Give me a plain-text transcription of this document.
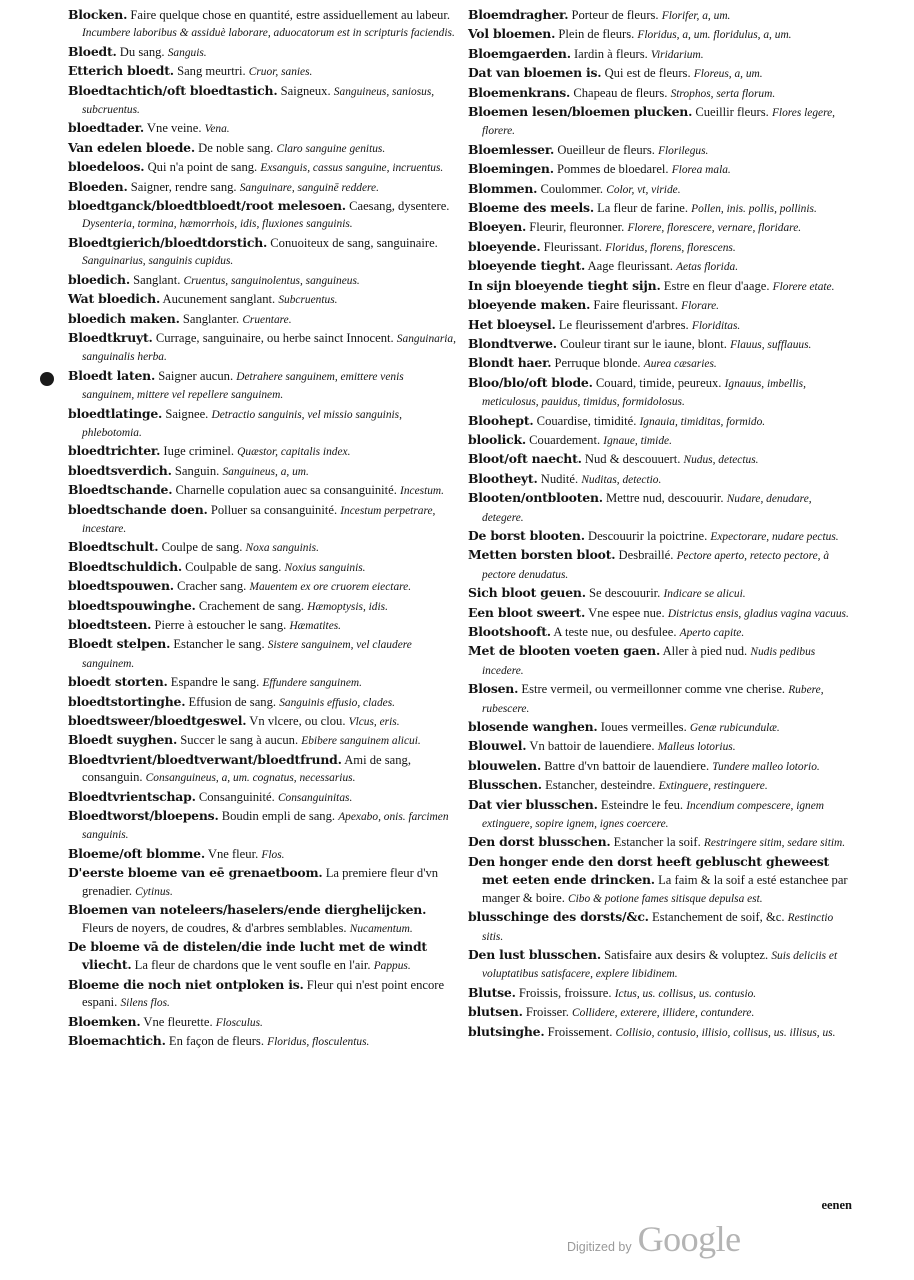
Blocken. Faire quelque chose en quantité, estre assiduellement au labeur. Incumbere laboribus & assiduè laborare, aduocatorum est in scripturis faciendis.

Bloedt. Du sang. Sanguis.

Etterich bloedt. Sang meurtri. Cruor, sanies.

Bloedtachtich/oft bloedtastich. Saigneux. Sanguineus, saniosus, subcruentus.

bloedtader. Vne veine. Vena.

Van edelen bloede. De noble sang. Claro sanguine genitus.

bloedeloos. Qui n'a point de sang. Exsanguis, cassus sanguine, incruentus.

Bloeden. Saigner, rendre sang. Sanguinare, sanguinē reddere.

bloedtganck/bloedtbloedt/root melesoen. Caesang, dysentere. Dysenteria, tormina, hæmorrhois, idis, fluxiones sanguinis.

Bloedtgierich/bloedtdorstich. Conuoiteux de sang, sanguinaire. Sanguinarius, sanguinis cupidus.

bloedich. Sanglant. Cruentus, sanguinolentus, sanguineus.

Wat bloedich. Aucunement sanglant. Subcruentus.

bloedich maken. Sanglanter. Cruentare.

Bloedtkruyt. Currage, sanguinaire, ou herbe sainct Innocent. Sanguinaria, sanguinalis herba.

Bloedt laten. Saigner aucun. Detrahere sanguinem, emittere venis sanguinem, mittere vel repellere sanguinem.

bloedtlatinge. Saignee. Detractio sanguinis, vel missio sanguinis, phlebotomia.

bloedtrichter. Iuge criminel. Quæstor, capitalis index.

bloedtsverdich. Sanguin. Sanguineus, a, um.

Bloedtschande. Charnelle copulation auec sa consanguinité. Incestum.

bloedtschande doen. Polluer sa consanguinité. Incestum perpetrare, incestare.

Bloedtschult. Coulpe de sang. Noxa sanguinis.

Bloedtschuldich. Coulpable de sang. Noxius sanguinis.

bloedtspouwen. Cracher sang. Mauentem ex ore cruorem eiectare.

bloedtspouwinghe. Crachement de sang. Hæmoptysis, idis.

bloedtsteen. Pierre à estoucher le sang. Hæmatites.

Bloedt stelpen. Estancher le sang. Sistere sanguinem, vel claudere sanguinem.

bloedt storten. Espandre le sang. Effundere sanguinem.

bloedtstortinghe. Effusion de sang. Sanguinis effusio, clades.

bloedtsweer/bloedtgeswel. Vn vlcere, ou clou. Vlcus, eris.

Bloedt suyghen. Succer le sang à aucun. Ebibere sanguinem alicui.

Bloedtvrient/bloedtverwant/bloedtfrund. Ami de sang, consanguin. Consanguineus, a, um. cognatus, necessarius.

Bloedtvrientschap. Consanguinité. Consanguinitas.

Bloedtworst/bloepens. Boudin empli de sang. Apexabo, onis. farcimen sanguinis.

Bloeme/oft blomme. Vne fleur. Flos.

D'eerste bloeme van eē grenaetboom. La premiere fleur d'vn grenadier. Cytinus.

Bloemen van noteleers/haselers/ende dierghelijcken. Fleurs de noyers, de coudres, & d'arbres semblables. Nucamentum.

De bloeme vā de distelen/die inde lucht met de windt vliecht. La fleur de chardons que le vent soufle en l'air. Pappus.

Bloeme die noch niet ontploken is. Fleur qui n'est point encore espani. Silens flos.

Bloemken. Vne fleurette. Flosculus.

Bloemachtich. En façon de fleurs. Floridus, flosculentus.

Bloemdragher. Porteur de fleurs. Florifer, a, um.

Vol bloemen. Plein de fleurs. Floridus, a, um. floridulus, a, um.

Bloemgaerden. Iardin à fleurs. Viridarium.

Dat van bloemen is. Qui est de fleurs. Floreus, a, um.

Bloemenkrans. Chapeau de fleurs. Strophos, serta florum.

Bloemen lesen/bloemen plucken. Cueillir fleurs. Flores legere, florere.

Bloemlesser. Oueilleur de fleurs. Florilegus.

Bloemingen. Pommes de bloedarel. Florea mala.

Blommen. Coulommer. Color, vt, viride.

Bloeme des meels. La fleur de farine. Pollen, inis. pollis, pollinis.

Bloeyen. Fleurir, fleuronner. Florere, florescere, vernare, floridare.

bloeyende. Fleurissant. Floridus, florens, florescens.

bloeyende tieght. Aage fleurissant. Aetas florida.

In sijn bloeyende tieght sijn. Estre en fleur d'aage. Florere etate.

bloeyende maken. Faire fleurissant. Florare.

Het bloeysel. Le fleurissement d'arbres. Floriditas.

Blondtverwe. Couleur tirant sur le iaune, blont. Flauus, sufflauus.

Blondt haer. Perruque blonde. Aurea cæsaries.

Bloo/blo/oft blode. Couard, timide, peureux. Ignauus, imbellis, meticulosus, pauidus, timidus, formidolosus.

Bloohept. Couardise, timidité. Ignauia, timiditas, formido.

bloolick. Couardement. Ignaue, timide.

Bloot/oft naecht. Nud & descouuert. Nudus, detectus.

Blootheyt. Nudité. Nuditas, detectio.

Blooten/ontblooten. Mettre nud, descouurir. Nudare, denudare, detegere.

De borst blooten. Descouurir la poictrine. Expectorare, nudare pectus.

Metten borsten bloot. Desbraillé. Pectore aperto, retecto pectore, à pectore denudatus.

Sich bloot geuen. Se descouurir. Indicare se alicui.

Een bloot sweert. Vne espee nue. Districtus ensis, gladius vagina vacuus.

Blootshooft. A teste nue, ou desfulee. Aperto capite.

Met de blooten voeten gaen. Aller à pied nud. Nudis pedibus incedere.

Blosen. Estre vermeil, ou vermeillonner comme vne cherise. Rubere, rubescere.

blosende wanghen. Ioues vermeilles. Genæ rubicundulæ.

Blouwel. Vn battoir de lauendiere. Malleus lotorius.

blouwelen. Battre d'vn battoir de lauendiere. Tundere malleo lotorio.

Blusschen. Estancher, desteindre. Extinguere, restinguere.

Dat vier blusschen. Esteindre le feu. Incendium compescere, ignem extinguere, sopire ignem, ignes coercere.

Den dorst blusschen. Estancher la soif. Restringere sitim, sedare sitim.

Den honger ende den dorst heeft gebluscht gheweest met eeten ende drincken. La faim & la soif a esté estanchee par manger & boire. Cibo & potione fames sitisque depulsa est.

blusschinge des dorsts/&c. Estanchement de soif, &c. Restinctio sitis.

Den lust blusschen. Satisfaire aux desirs & voluptez. Suis deliciis et voluptatibus satisfacere, explere libidinem.

Blutse. Froissis, froissure. Ictus, us. collisus, us. contusio.

blutsen. Froisser. Collidere, exterere, illidere, contundere.

blutsinghe. Froissement. Collisio, contusio, illisio, collisus, us. illisus, us.

eenen
Digitized by Google
